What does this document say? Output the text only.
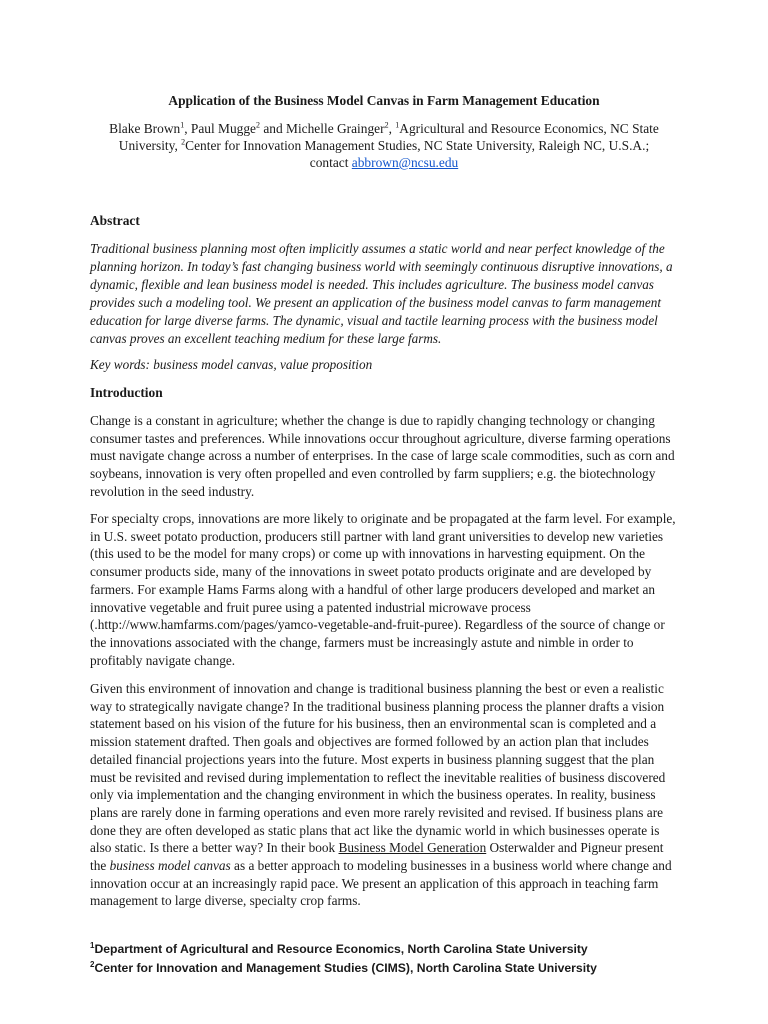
Application of the Business Model Canvas in Farm Management Education
Blake Brown$^1$, Paul Mugge$^2$ and Michelle Grainger$^2$, $^1$Agricultural and Resource Economics, NC State University, $^2$Center for Innovation Management Studies, NC State University, Raleigh NC, U.S.A.;
contact abbrown@ncsu.edu
Abstract

Traditional business planning most often implicitly assumes a static world and near perfect knowledge of the planning horizon. In today’s fast changing business world with seemingly continuous disruptive innovations, a dynamic, flexible and lean business model is needed. This includes agriculture. The business model canvas provides such a modeling tool. We present an application of the business model canvas to farm management education for large diverse farms. The dynamic, visual and tactile learning process with the business model canvas proves an excellent teaching medium for these large farms.

Key words: business model canvas, value proposition

Introduction

Change is a constant in agriculture; whether the change is due to rapidly changing technology or changing consumer tastes and preferences. While innovations occur throughout agriculture, diverse farming operations must navigate change across a number of enterprises. In the case of large scale commodities, such as corn and soybeans, innovation is very often propelled and even controlled by farm suppliers; e.g. the biotechnology revolution in the seed industry.

For specialty crops, innovations are more likely to originate and be propagated at the farm level. For example, in U.S. sweet potato production, producers still partner with land grant universities to develop new varieties (this used to be the model for many crops) or come up with innovations in harvesting equipment. On the consumer products side, many of the innovations in sweet potato products originate and are developed by farmers. For example Hams Farms along with a handful of other large producers developed and market an innovative vegetable and fruit puree using a patented industrial microwave process (.http://www.hamfarms.com/pages/yamco-vegetable-and-fruit-puree). Regardless of the source of change or the innovations associated with the change, farmers must be increasingly astute and nimble in order to profitably navigate change.

Given this environment of innovation and change is traditional business planning the best or even a realistic way to strategically navigate change? In the traditional business planning process the planner drafts a vision statement based on his vision of the future for his business, then an environmental scan is completed and a mission statement drafted. Then goals and objectives are formed followed by an action plan that includes detailed financial projections years into the future. Most experts in business planning suggest that the plan must be revisited and revised during implementation to reflect the inevitable realities of business discovered only via implementation and the changing environment in which the business operates. In reality, business plans are rarely done in farming operations and even more rarely revisited and revised. If business plans are done they are often developed as static plans that act like the dynamic world in which businesses operate is also static. Is there a better way? In their book Business Model Generation Osterwalder and Pigneur present the business model canvas as a better approach to modeling businesses in a business world where change and innovation occur at an increasingly rapid pace. We present an application of this approach in teaching farm management to large diverse, specialty crop farms.

$^1$Department of Agricultural and Resource Economics, North Carolina State University
$^2$Center for Innovation and Management Studies (CIMS), North Carolina State University
